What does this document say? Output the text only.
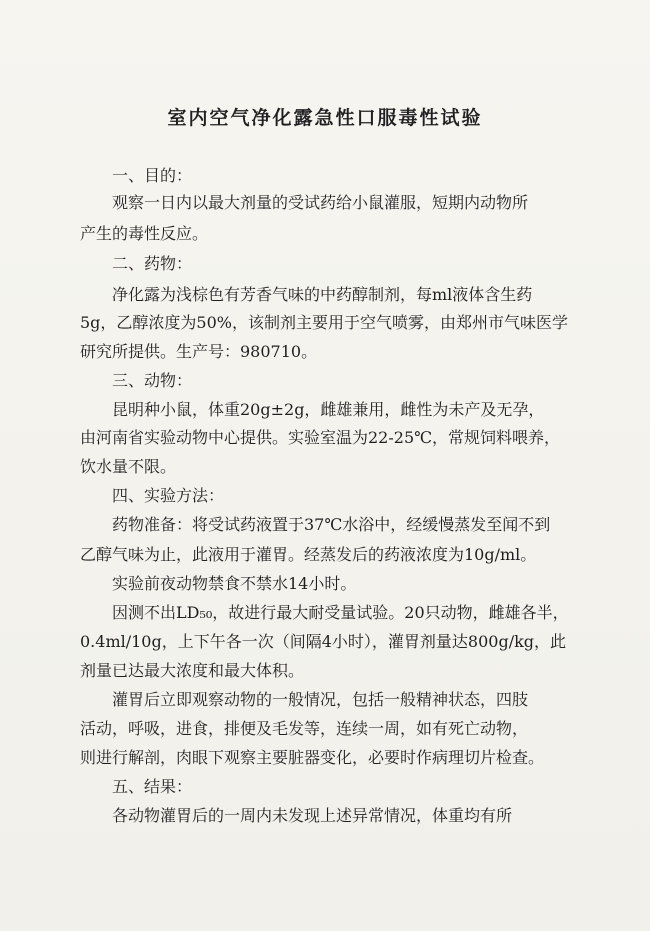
室内空气净化露急性口服毒性试验
一、目的：
观察一日内以最大剂量的受试药给小鼠灌服，短期内动物所
产生的毒性反应。
二、药物：
净化露为浅棕色有芳香气味的中药醇制剂，每ml液体含生药
5g，乙醇浓度为50%，该制剂主要用于空气喷雾，由郑州市气味医学
研究所提供。生产号：980710。
三、动物：
昆明种小鼠，体重20g±2g，雌雄兼用，雌性为未产及无孕，
由河南省实验动物中心提供。实验室温为22-25℃，常规饲料喂养，
饮水量不限。
四、实验方法：
药物准备：将受试药液置于37℃水浴中，经缓慢蒸发至闻不到
乙醇气味为止，此液用于灌胃。经蒸发后的药液浓度为10g/ml。
实验前夜动物禁食不禁水14小时。
因测不出LD₅₀，故进行最大耐受量试验。20只动物，雌雄各半，
0.4ml/10g，上下午各一次（间隔4小时），灌胃剂量达800g/kg，此
剂量已达最大浓度和最大体积。
灌胃后立即观察动物的一般情况，包括一般精神状态，四肢
活动，呼吸，进食，排便及毛发等，连续一周，如有死亡动物，
则进行解剖，肉眼下观察主要脏器变化，必要时作病理切片检查。
五、结果：
各动物灌胃后的一周内未发现上述异常情况，体重均有所
